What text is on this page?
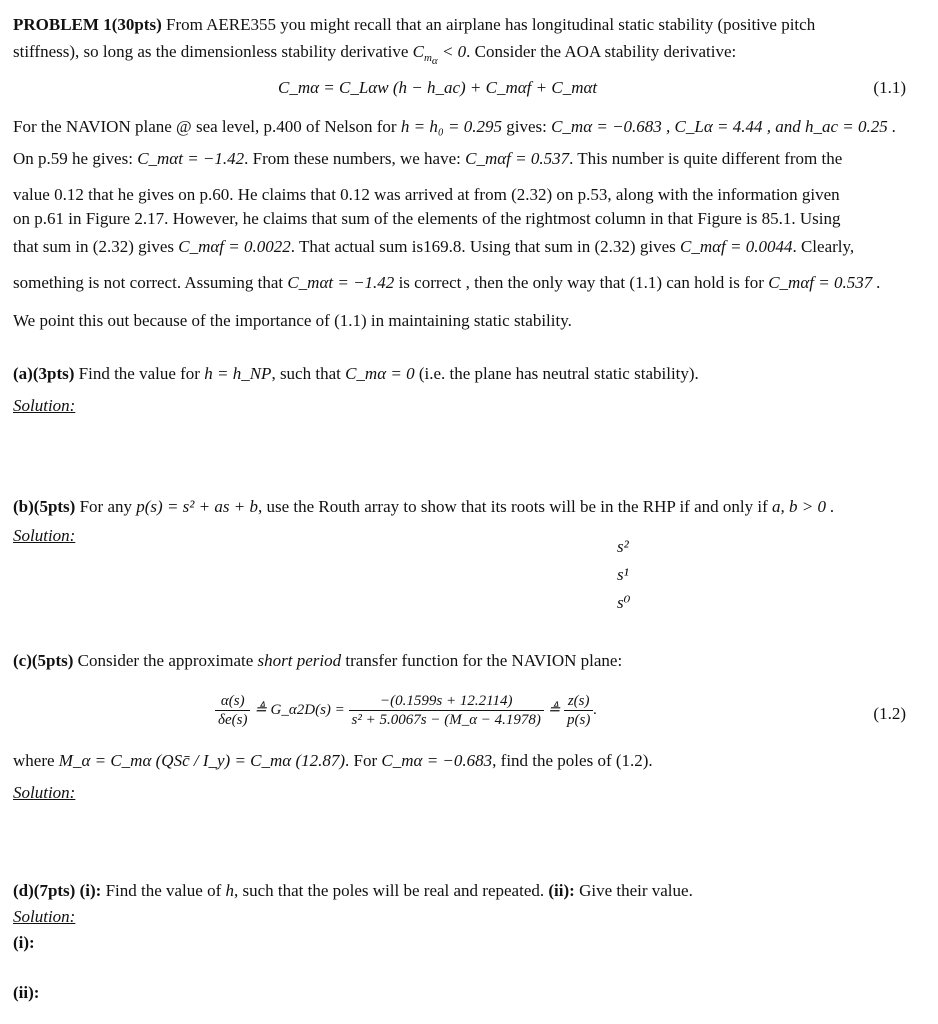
PROBLEM 1(30pts) From AERE355 you might recall that an airplane has longitudinal static stability (positive pitch
stiffness), so long as the dimensionless stability derivative $C_{m_\alpha} < 0$. Consider the AOA stability derivative:
C_mα = C_Lαw (h − h_ac) + C_mαf + C_mαt	(1.1)
For the NAVION plane @ sea level, p.400 of Nelson for h = h₀ = 0.295 gives: C_mα = −0.683 , C_Lα = 4.44 , and h_ac = 0.25 .
On p.59 he gives: C_mαt = −1.42. From these numbers, we have: C_mαf = 0.537. This number is quite different from the
value 0.12 that he gives on p.60. He claims that 0.12 was arrived at from (2.32) on p.53, along with the information given
on p.61 in Figure 2.17. However, he claims that sum of the elements of the rightmost column in that Figure is 85.1. Using
that sum in (2.32) gives C_mαf = 0.0022. That actual sum is169.8. Using that sum in (2.32) gives C_mαf = 0.0044. Clearly,
something is not correct. Assuming that C_mαt = −1.42 is correct , then the only way that (1.1) can hold is for C_mαf = 0.537 .
We point this out because of the importance of (1.1) in maintaining static stability.
(a)(3pts) Find the value for h = h_NP, such that C_mα = 0 (i.e. the plane has neutral static stability).
Solution:
(b)(5pts) For any p(s) = s² + as + b, use the Routh array to show that its roots will be in the RHP if and only if a, b > 0 .
Solution:
s²
s¹
s⁰
(c)(5pts) Consider the approximate short period transfer function for the NAVION plane:
$\frac{\alpha(s)}{\delta e(s)}$ ≜ G_α2D(s) = $\frac{-(0.1599s + 12.2114)}{\text{s² + 5.0067s − (M\_α − 4.1978)}}$ ≜ $\frac{z(s)}{p(s)}$ .	(1.2)
where M_α = C_mα (QSc̄ / I_y) = C_mα (12.87). For C_mα = −0.683, find the poles of (1.2).
Solution:
(d)(7pts) (i): Find the value of h, such that the poles will be real and repeated. (ii): Give their value.
Solution:
(i):
(ii):
